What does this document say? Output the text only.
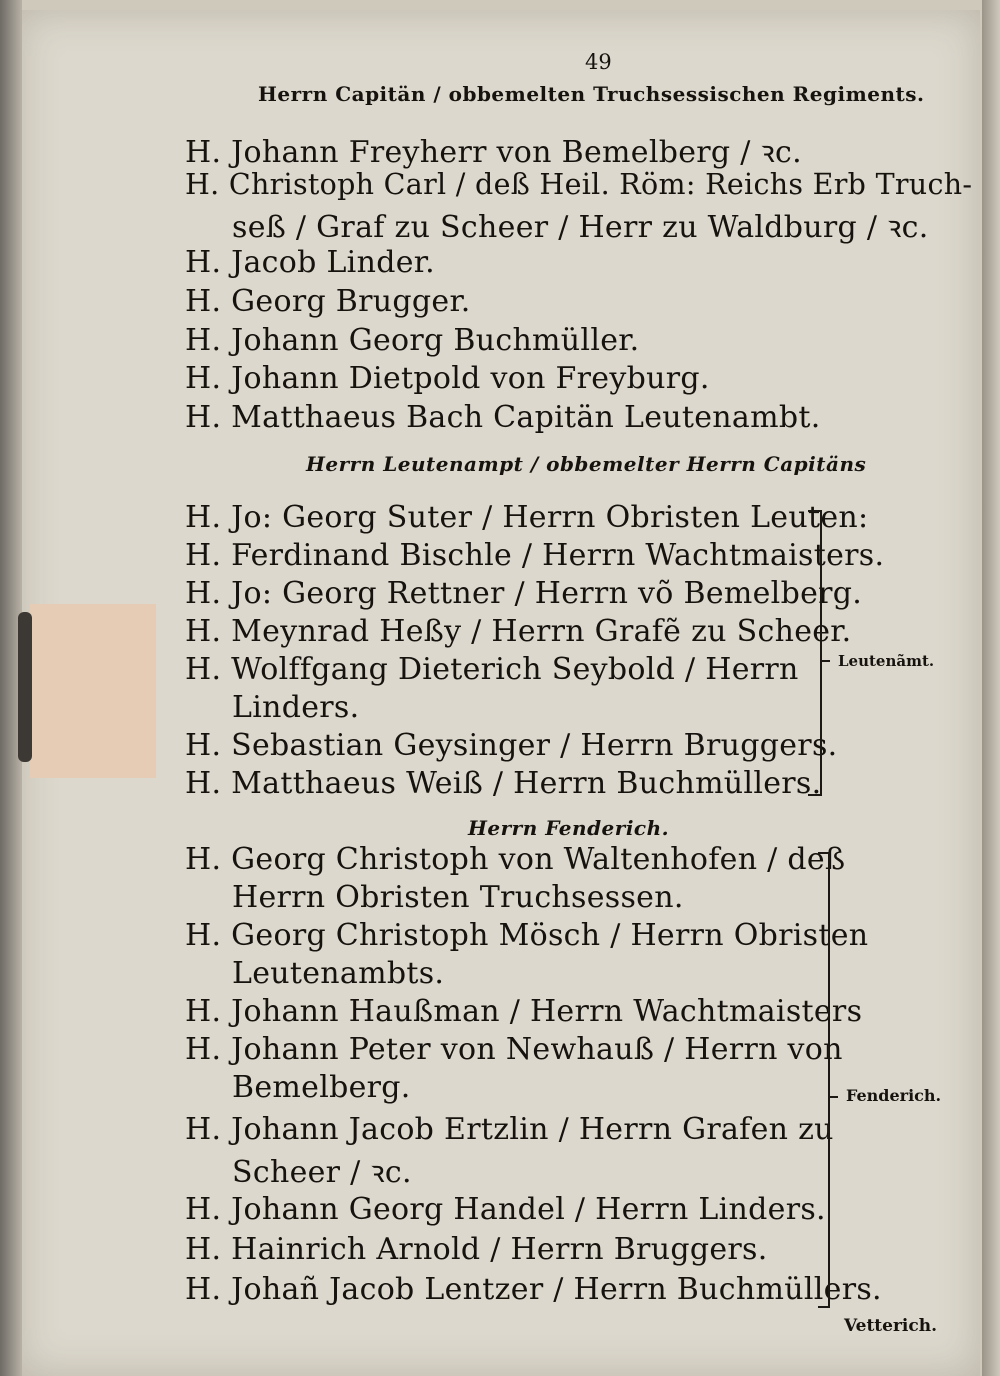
49
Herrn Capitän / obbemelten Truchsessischen Regiments.
H. Johann Freyherr von Bemelberg / ꝛc.
H. Christoph Carl / deß Heil. Röm: Reichs Erb Truch-
seß / Graf zu Scheer / Herr zu Waldburg / ꝛc.
H. Jacob Linder.
H. Georg Brugger.
H. Johann Georg Buchmüller.
H. Johann Dietpold von Freyburg.
H. Matthaeus Bach Capitän Leutenambt.
Herrn Leutenampt / obbemelter Herrn Capitäns
H. Jo: Georg Suter / Herrn Obristen Leuten:
H. Ferdinand Bischle / Herrn Wachtmaisters.
H. Jo: Georg Rettner / Herrn võ Bemelberg.
H. Meynrad Heßy / Herrn Grafẽ zu Scheer.
H. Wolffgang Dieterich Seybold / Herrn
Linders.
H. Sebastian Geysinger / Herrn Bruggers.
H. Matthaeus Weiß / Herrn Buchmüllers.
Leutenãmt.
Herrn Fenderich.
H. Georg Christoph von Waltenhofen / deß
Herrn Obristen Truchsessen.
H. Georg Christoph Mösch / Herrn Obristen
Leutenambts.
H. Johann Haußman / Herrn Wachtmaisters
H. Johann Peter von Newhauß / Herrn von
Bemelberg.
H. Johann Jacob Ertzlin / Herrn Grafen zu
Scheer / ꝛc.
H. Johann Georg Handel / Herrn Linders.
H. Hainrich Arnold / Herrn Bruggers.
H. Johañ Jacob Lentzer / Herrn Buchmüllers.
Fenderich.
Vetterich.
